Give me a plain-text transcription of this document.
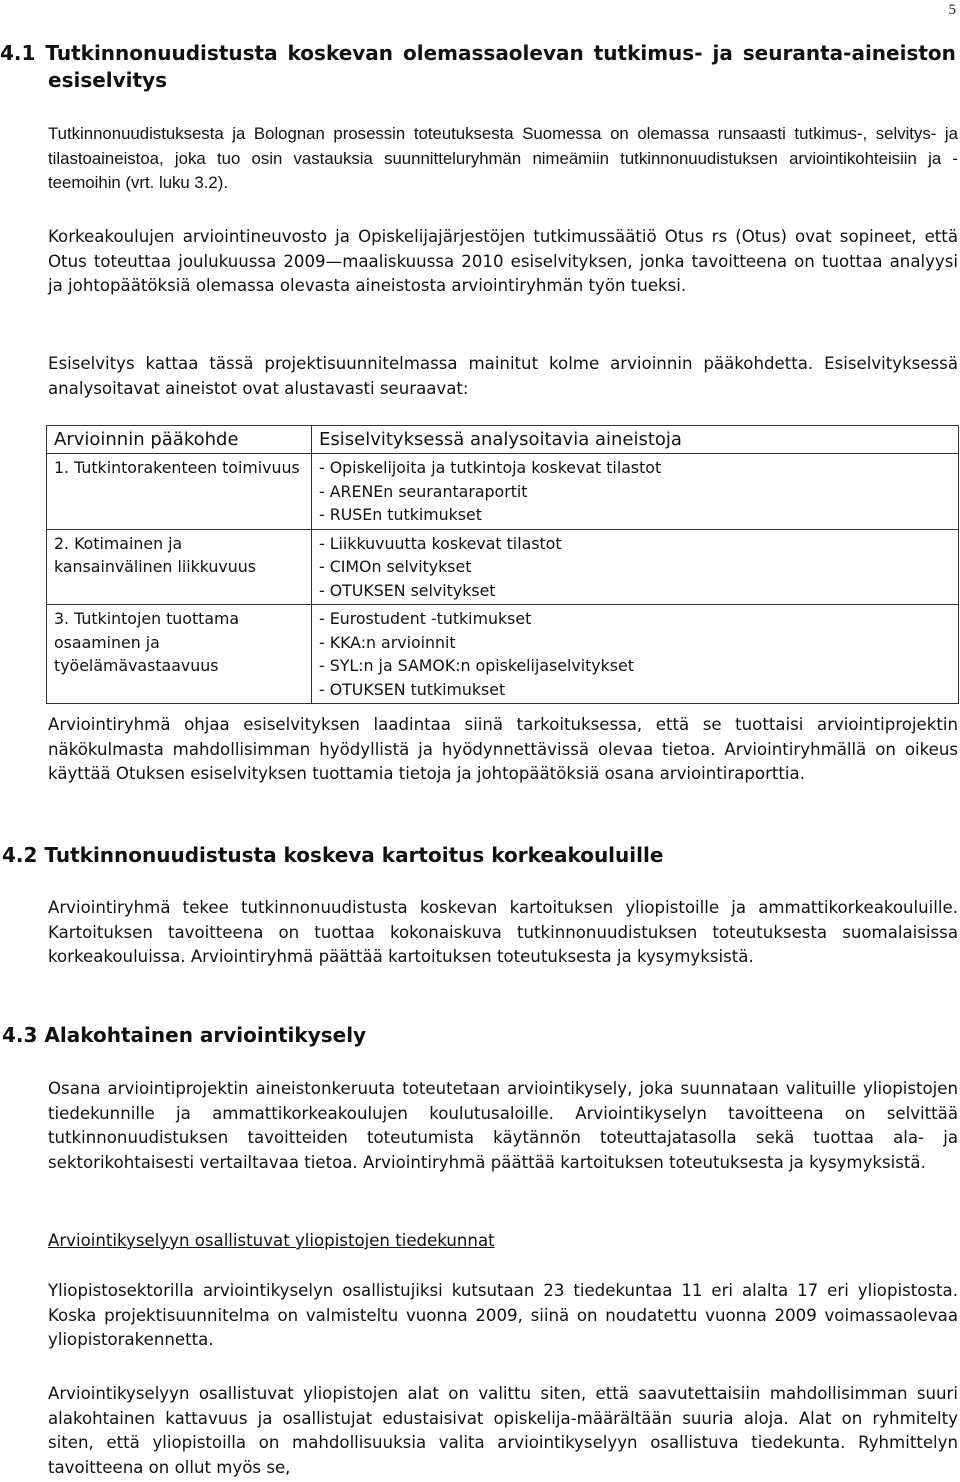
5
4.1 Tutkinnonuudistusta koskevan olemassaolevan tutkimus- ja seuranta-aineiston
esiselvitys

Tutkinnonuudistuksesta ja Bolognan prosessin toteutuksesta Suomessa on olemassa runsaasti tutkimus-, selvitys- ja tilastoaineistoa, joka tuo osin vastauksia suunnitteluryhmän nimeämiin tutkinnonuudistuksen arviointikohteisiin ja -teemoihin (vrt. luku 3.2).

Korkeakoulujen arviointineuvosto ja Opiskelijajärjestöjen tutkimussäätiö Otus rs (Otus) ovat sopineet, että Otus toteuttaa joulukuussa 2009—maaliskuussa 2010 esiselvityksen, jonka tavoitteena on tuottaa analyysi ja johtopäätöksiä olemassa olevasta aineistosta arviointiryhmän työn tueksi.

Esiselvitys kattaa tässä projektisuunnitelmassa mainitut kolme arvioinnin pääkohdetta. Esiselvityksessä analysoitavat aineistot ovat alustavasti seuraavat:

Arvioinnin pääkohde	Esiselvityksessä analysoitavia aineistoja
1. Tutkintorakenteen toimivuus	- Opiskelijoita ja tutkintoja koskevat tilastot
- ARENEn seurantaraportit
- RUSEn tutkimukset

2. Kotimainen ja kansainvälinen liikkuvuus	- Liikkuvuutta koskevat tilastot
- CIMOn selvitykset
- OTUKSEN selvitykset

3. Tutkintojen tuottama osaaminen ja työelämävastaavuus	- Eurostudent -tutkimukset
- KKA:n arvioinnit
- SYL:n ja SAMOK:n opiskelijaselvitykset
- OTUKSEN tutkimukset

Arviointiryhmä ohjaa esiselvityksen laadintaa siinä tarkoituksessa, että se tuottaisi arviointiprojektin näkökulmasta mahdollisimman hyödyllistä ja hyödynnettävissä olevaa tietoa. Arviointiryhmällä on oikeus käyttää Otuksen esiselvityksen tuottamia tietoja ja johtopäätöksiä osana arviointiraporttia.

4.2 Tutkinnonuudistusta koskeva kartoitus korkeakouluille

Arviointiryhmä tekee tutkinnonuudistusta koskevan kartoituksen yliopistoille ja ammattikorkeakouluille. Kartoituksen tavoitteena on tuottaa kokonaiskuva tutkinnonuudistuksen toteutuksesta suomalaisissa korkeakouluissa. Arviointiryhmä päättää kartoituksen toteutuksesta ja kysymyksistä.

4.3 Alakohtainen arviointikysely

Osana arviointiprojektin aineistonkeruuta toteutetaan arviointikysely, joka suunnataan valituille yliopistojen tiedekunnille ja ammattikorkeakoulujen koulutusaloille. Arviointikyselyn tavoitteena on selvittää tutkinnonuudistuksen tavoitteiden toteutumista käytännön toteuttajatasolla sekä tuottaa ala- ja sektorikohtaisesti vertailtavaa tietoa. Arviointiryhmä päättää kartoituksen toteutuksesta ja kysymyksistä.

Arviointikyselyyn osallistuvat yliopistojen tiedekunnat

Yliopistosektorilla arviointikyselyn osallistujiksi kutsutaan 23 tiedekuntaa 11 eri alalta 17 eri yliopistosta. Koska projektisuunnitelma on valmisteltu vuonna 2009, siinä on noudatettu vuonna 2009 voimassaolevaa yliopistorakennetta.

Arviointikyselyyn osallistuvat yliopistojen alat on valittu siten, että saavutettaisiin mahdollisimman suuri alakohtainen kattavuus ja osallistujat edustaisivat opiskelija-määrältään suuria aloja. Alat on ryhmitelty siten, että yliopistoilla on mahdollisuuksia valita arviointikyselyyn osallistuva tiedekunta. Ryhmittelyn tavoitteena on ollut myös se,
